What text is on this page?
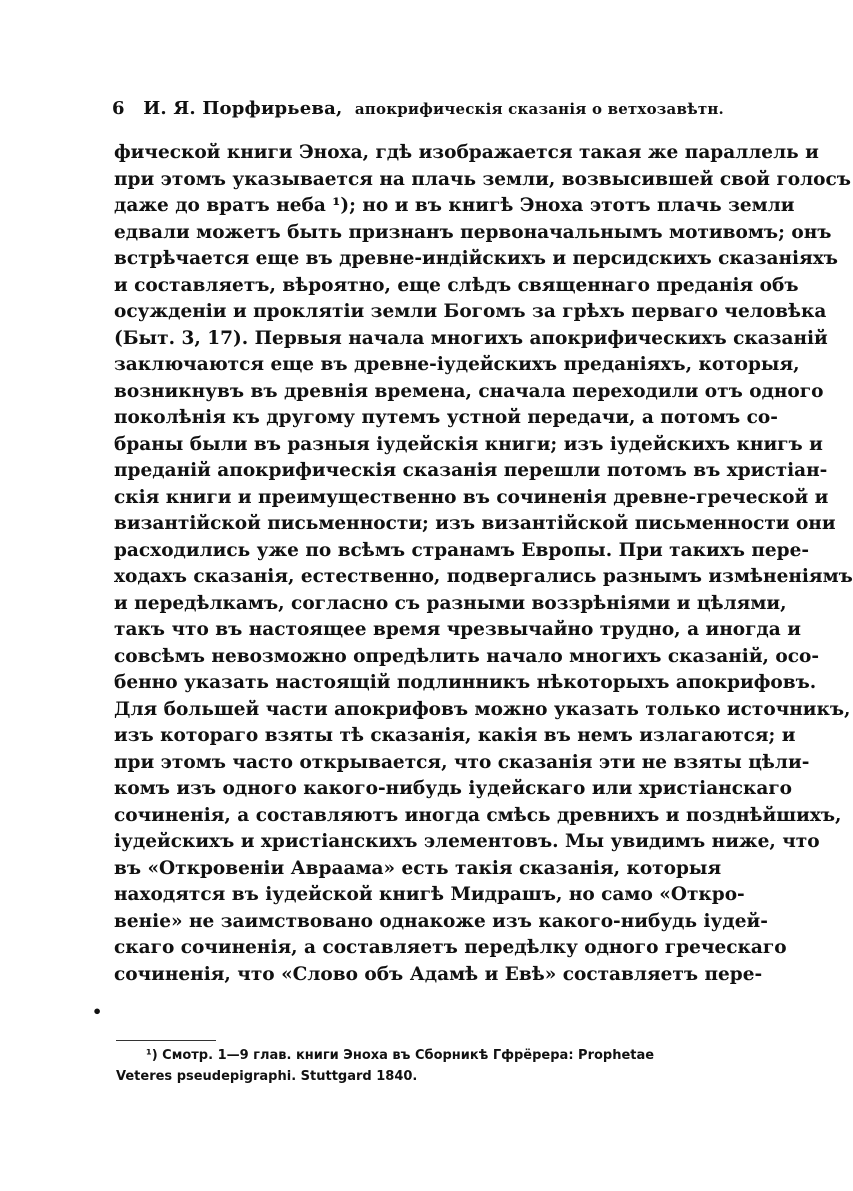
6 И. Я. Порфирьева, апокрифическія сказанія о ветхозавѣтн.
фической книги Эноха, гдѣ изображается такая же параллель и
при этомъ указывается на плачь земли, возвысившей свой голосъ
даже до вратъ неба ¹); но и въ книгѣ Эноха этотъ плачь земли
едвали можетъ быть признанъ первоначальнымъ мотивомъ; онъ
встрѣчается еще въ древне-индійскихъ и персидскихъ сказаніяхъ
и составляетъ, вѣроятно, еще слѣдъ священнаго преданія объ
осужденіи и проклятіи земли Богомъ за грѣхъ перваго человѣка
(Быт. 3, 17). Первыя начала многихъ апокрифическихъ сказаній
заключаются еще въ древне-іудейскихъ преданіяхъ, которыя,
возникнувъ въ древнія времена, сначала переходили отъ одного
поколѣнія къ другому путемъ устной передачи, а потомъ со-
браны были въ разныя іудейскія книги; изъ іудейскихъ книгъ и
преданій апокрифическія сказанія перешли потомъ въ христіан-
скія книги и преимущественно въ сочиненія древне-греческой и
византійской письменности; изъ византійской письменности они
расходились уже по всѣмъ странамъ Европы. При такихъ пере-
ходахъ сказанія, естественно, подвергались разнымъ измѣненіямъ
и передѣлкамъ, согласно съ разными воззрѣніями и цѣлями,
такъ что въ настоящее время чрезвычайно трудно, а иногда и
совсѣмъ невозможно опредѣлить начало многихъ сказаній, осо-
бенно указать настоящій подлинникъ нѣкоторыхъ апокрифовъ.
Для большей части апокрифовъ можно указать только источникъ,
изъ котораго взяты тѣ сказанія, какія въ немъ излагаются; и
при этомъ часто открывается, что сказанія эти не взяты цѣли-
комъ изъ одного какого-нибудь іудейскаго или христіанскаго
сочиненія, а составляютъ иногда смѣсь древнихъ и позднѣйшихъ,
іудейскихъ и христіанскихъ элементовъ. Мы увидимъ ниже, что
въ «Откровеніи Авраама» есть такія сказанія, которыя
находятся въ іудейской книгѣ Мидрашъ, но само «Откро-
веніе» не заимствовано однакоже изъ какого-нибудь іудей-
скаго сочиненія, а составляетъ передѣлку одного греческаго
сочиненія, что «Слово объ Адамѣ и Евѣ» составляетъ пере-
•
¹) Смотр. 1—9 глав. книги Эноха въ Сборникѣ Гфрёрера: Prophetae
Veteres pseudepigraphi. Stuttgard 1840.
